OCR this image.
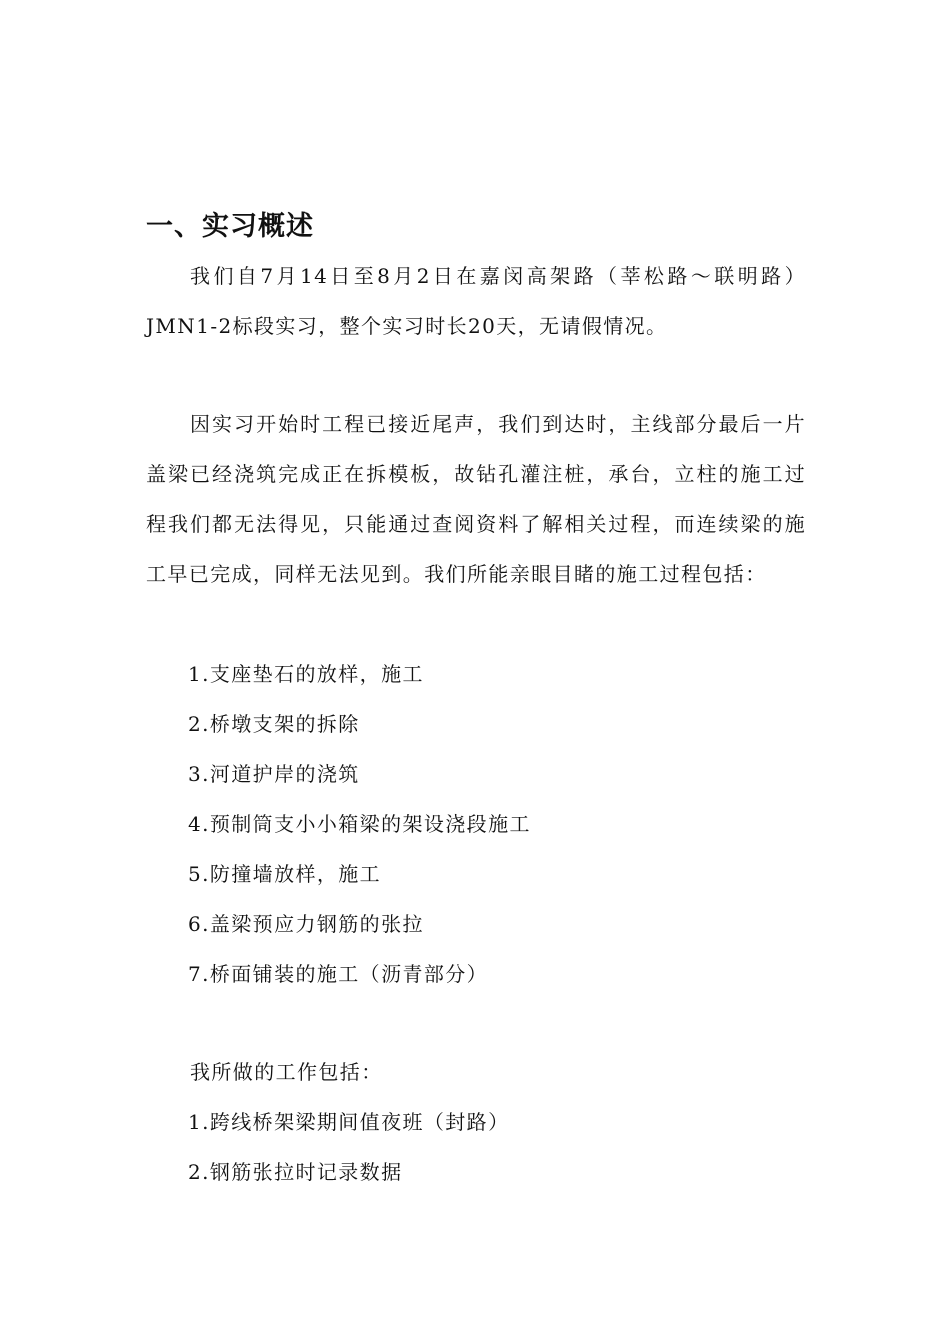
一、实习概述

我们自7月14日至8月2日在嘉闵高架路（莘松路～联明路）JMN1-2标段实习，整个实习时长20天，无请假情况。

因实习开始时工程已接近尾声，我们到达时，主线部分最后一片盖梁已经浇筑完成正在拆模板，故钻孔灌注桩，承台，立柱的施工过程我们都无法得见，只能通过查阅资料了解相关过程，而连续梁的施工早已完成，同样无法见到。我们所能亲眼目睹的施工过程包括：

1.支座垫石的放样，施工
2.桥墩支架的拆除
3.河道护岸的浇筑
4.预制筒支小小箱梁的架设浇段施工
5.防撞墙放样，施工
6.盖梁预应力钢筋的张拉
7.桥面铺装的施工（沥青部分）
我所做的工作包括：
1.跨线桥架梁期间值夜班（封路）
2.钢筋张拉时记录数据
